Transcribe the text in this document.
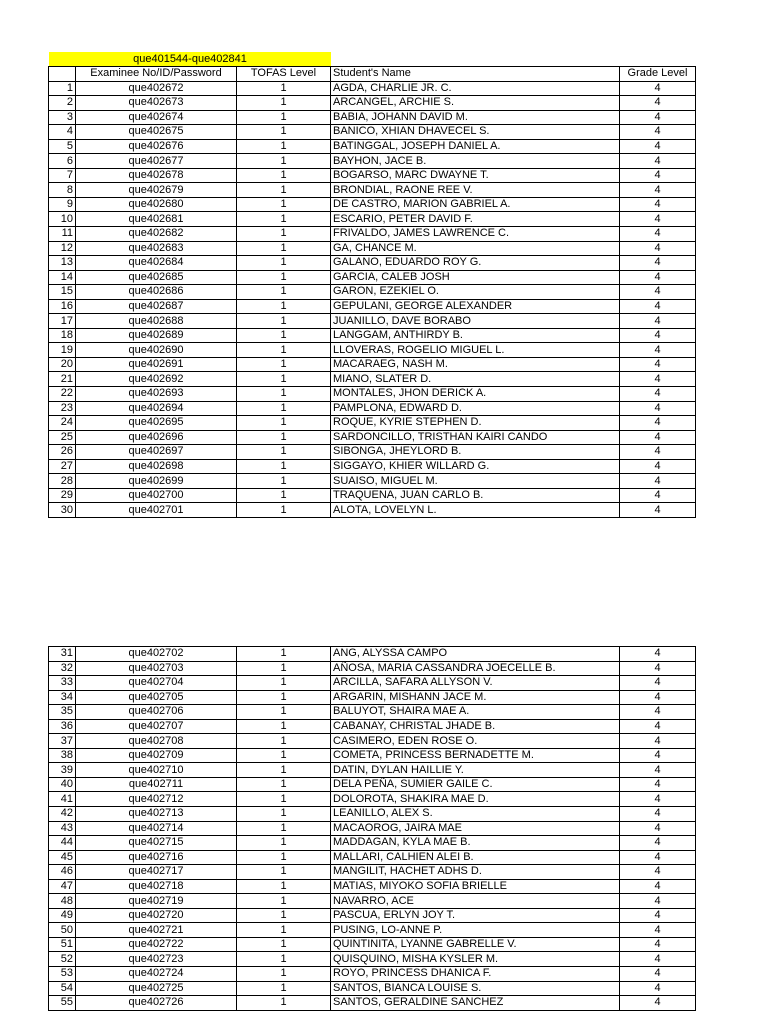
que401544-que402841
	Examinee No/ID/Password	TOFAS Level	Student's Name	Grade Level
1	que402672	1	AGDA, CHARLIE JR. C.	4
2	que402673	1	ARCANGEL, ARCHIE S.	4
3	que402674	1	BABIA, JOHANN DAVID M.	4
4	que402675	1	BANICO, XHIAN DHAVECEL S.	4
5	que402676	1	BATINGGAL, JOSEPH DANIEL A.	4
6	que402677	1	BAYHON, JACE B.	4
7	que402678	1	BOGARSO, MARC DWAYNE T.	4
8	que402679	1	BRONDIAL, RAONE REE V.	4
9	que402680	1	DE CASTRO, MARION GABRIEL A.	4
10	que402681	1	ESCARIO, PETER DAVID F.	4
11	que402682	1	FRIVALDO, JAMES LAWRENCE C.	4
12	que402683	1	GA, CHANCE M.	4
13	que402684	1	GALANO, EDUARDO ROY G.	4
14	que402685	1	GARCIA, CALEB JOSH	4
15	que402686	1	GARON, EZEKIEL O.	4
16	que402687	1	GEPULANI, GEORGE ALEXANDER	4
17	que402688	1	JUANILLO, DAVE BORABO	4
18	que402689	1	LANGGAM, ANTHIRDY B.	4
19	que402690	1	LLOVERAS, ROGELIO MIGUEL L.	4
20	que402691	1	MACARAEG, NASH M.	4
21	que402692	1	MIANO, SLATER D.	4
22	que402693	1	MONTALES, JHON DERICK A.	4
23	que402694	1	PAMPLONA, EDWARD D.	4
24	que402695	1	ROQUE, KYRIE STEPHEN D.	4
25	que402696	1	SARDONCILLO, TRISTHAN KAIRI CANDO	4
26	que402697	1	SIBONGA, JHEYLORD B.	4
27	que402698	1	SIGGAYO, KHIER WILLARD G.	4
28	que402699	1	SUAISO, MIGUEL M.	4
29	que402700	1	TRAQUENA, JUAN CARLO B.	4
30	que402701	1	ALOTA, LOVELYN L.	4
31	que402702	1	ANG, ALYSSA CAMPO	4
32	que402703	1	AÑOSA, MARIA CASSANDRA JOECELLE B.	4
33	que402704	1	ARCILLA, SAFARA ALLYSON V.	4
34	que402705	1	ARGARIN, MISHANN JACE M.	4
35	que402706	1	BALUYOT, SHAIRA MAE A.	4
36	que402707	1	CABANAY, CHRISTAL JHADE B.	4
37	que402708	1	CASIMERO, EDEN ROSE O.	4
38	que402709	1	COMETA, PRINCESS BERNADETTE M.	4
39	que402710	1	DATIN, DYLAN HAILLIE Y.	4
40	que402711	1	DELA PEÑA, SUMIER GAILE C.	4
41	que402712	1	DOLOROTA, SHAKIRA MAE D.	4
42	que402713	1	LEANILLO, ALEX S.	4
43	que402714	1	MACAOROG, JAIRA MAE	4
44	que402715	1	MADDAGAN, KYLA MAE B.	4
45	que402716	1	MALLARI, CALHIEN ALEI B.	4
46	que402717	1	MANGILIT, HACHET ADHS D.	4
47	que402718	1	MATIAS, MIYOKO SOFIA BRIELLE	4
48	que402719	1	NAVARRO, ACE	4
49	que402720	1	PASCUA, ERLYN JOY T.	4
50	que402721	1	PUSING, LO-ANNE P.	4
51	que402722	1	QUINTINITA, LYANNE GABRELLE V.	4
52	que402723	1	QUISQUINO, MISHA KYSLER M.	4
53	que402724	1	ROYO, PRINCESS DHANICA F.	4
54	que402725	1	SANTOS, BIANCA LOUISE S.	4
55	que402726	1	SANTOS, GERALDINE SANCHEZ	4
